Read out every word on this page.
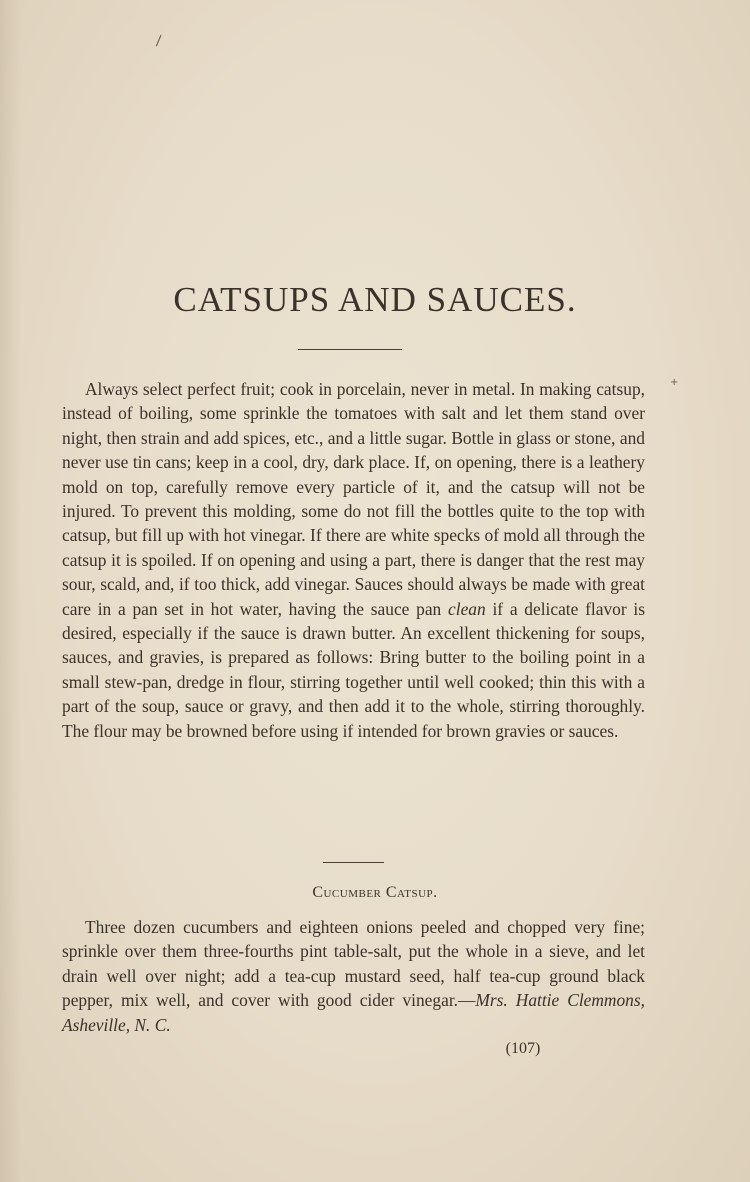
\
+
CATSUPS AND SAUCES.

Always select perfect fruit; cook in porcelain, never in metal. In making catsup, instead of boiling, some sprinkle the tomatoes with salt and let them stand over night, then strain and add spices, etc., and a little sugar. Bottle in glass or stone, and never use tin cans; keep in a cool, dry, dark place. If, on opening, there is a leathery mold on top, carefully remove every particle of it, and the catsup will not be injured. To prevent this molding, some do not fill the bottles quite to the top with catsup, but fill up with hot vinegar. If there are white specks of mold all through the catsup it is spoiled. If on opening and using a part, there is danger that the rest may sour, scald, and, if too thick, add vinegar. Sauces should always be made with great care in a pan set in hot water, having the sauce pan clean if a delicate flavor is desired, especially if the sauce is drawn butter. An excellent thickening for soups, sauces, and gravies, is prepared as follows: Bring butter to the boiling point in a small stew-pan, dredge in flour, stirring together until well cooked; thin this with a part of the soup, sauce or gravy, and then add it to the whole, stirring thoroughly. The flour may be browned before using if intended for brown gravies or sauces.

Cucumber Catsup.

Three dozen cucumbers and eighteen onions peeled and chopped very fine; sprinkle over them three-fourths pint table-salt, put the whole in a sieve, and let drain well over night; add a tea-cup mustard seed, half tea-cup ground black pepper, mix well, and cover with good cider vinegar.—Mrs. Hattie Clemmons, Asheville, N. C.

(107)
